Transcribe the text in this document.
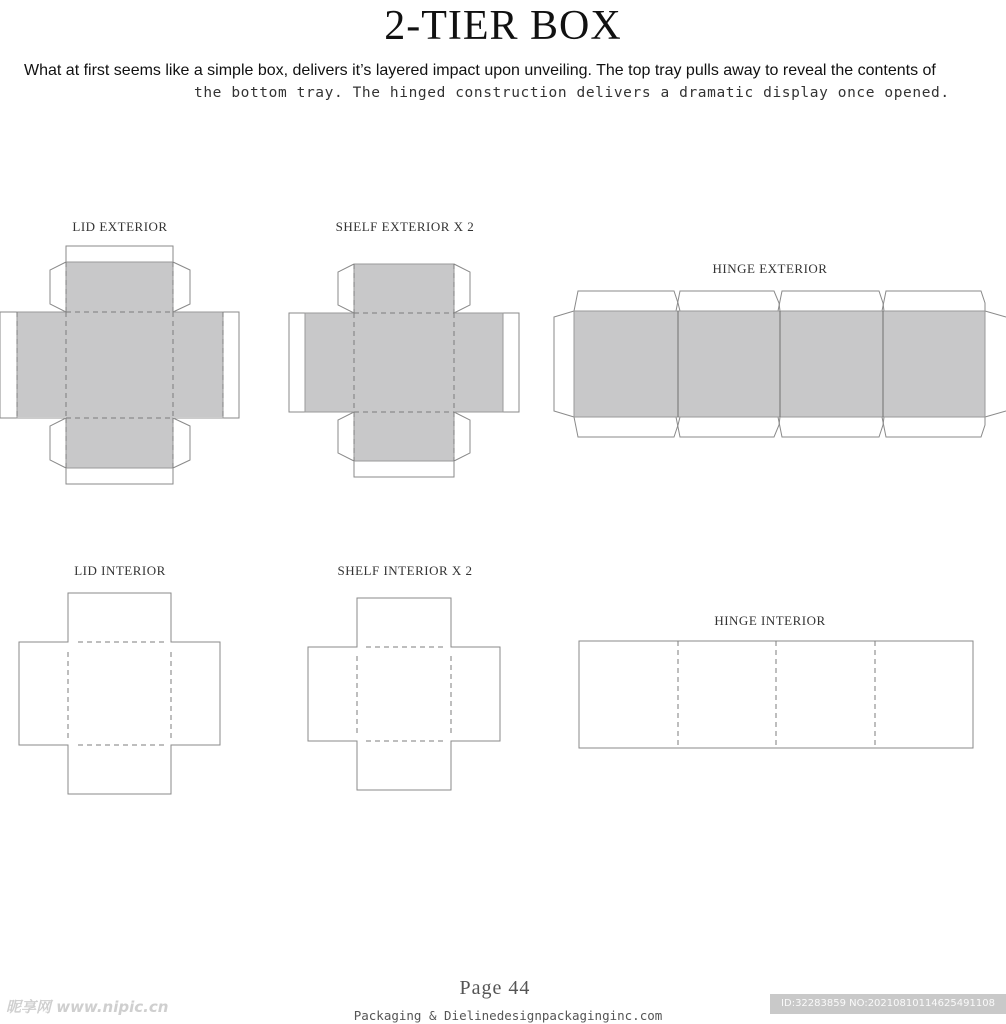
2-TIER BOX
What at first seems like a simple box, delivers it’s layered impact upon unveiling. The top tray pulls away to reveal the contents of
the bottom tray. The hinged construction delivers a dramatic display once opened.
LID EXTERIOR	SHELF EXTERIOR X 2
HINGE EXTERIOR
LID INTERIOR	SHELF INTERIOR X 2
HINGE INTERIOR
Page 44
Packaging & Dielinedesignpackaginginc.com
昵享网 www.nipic.cn	ID:32283859 NO:20210810114625491108
